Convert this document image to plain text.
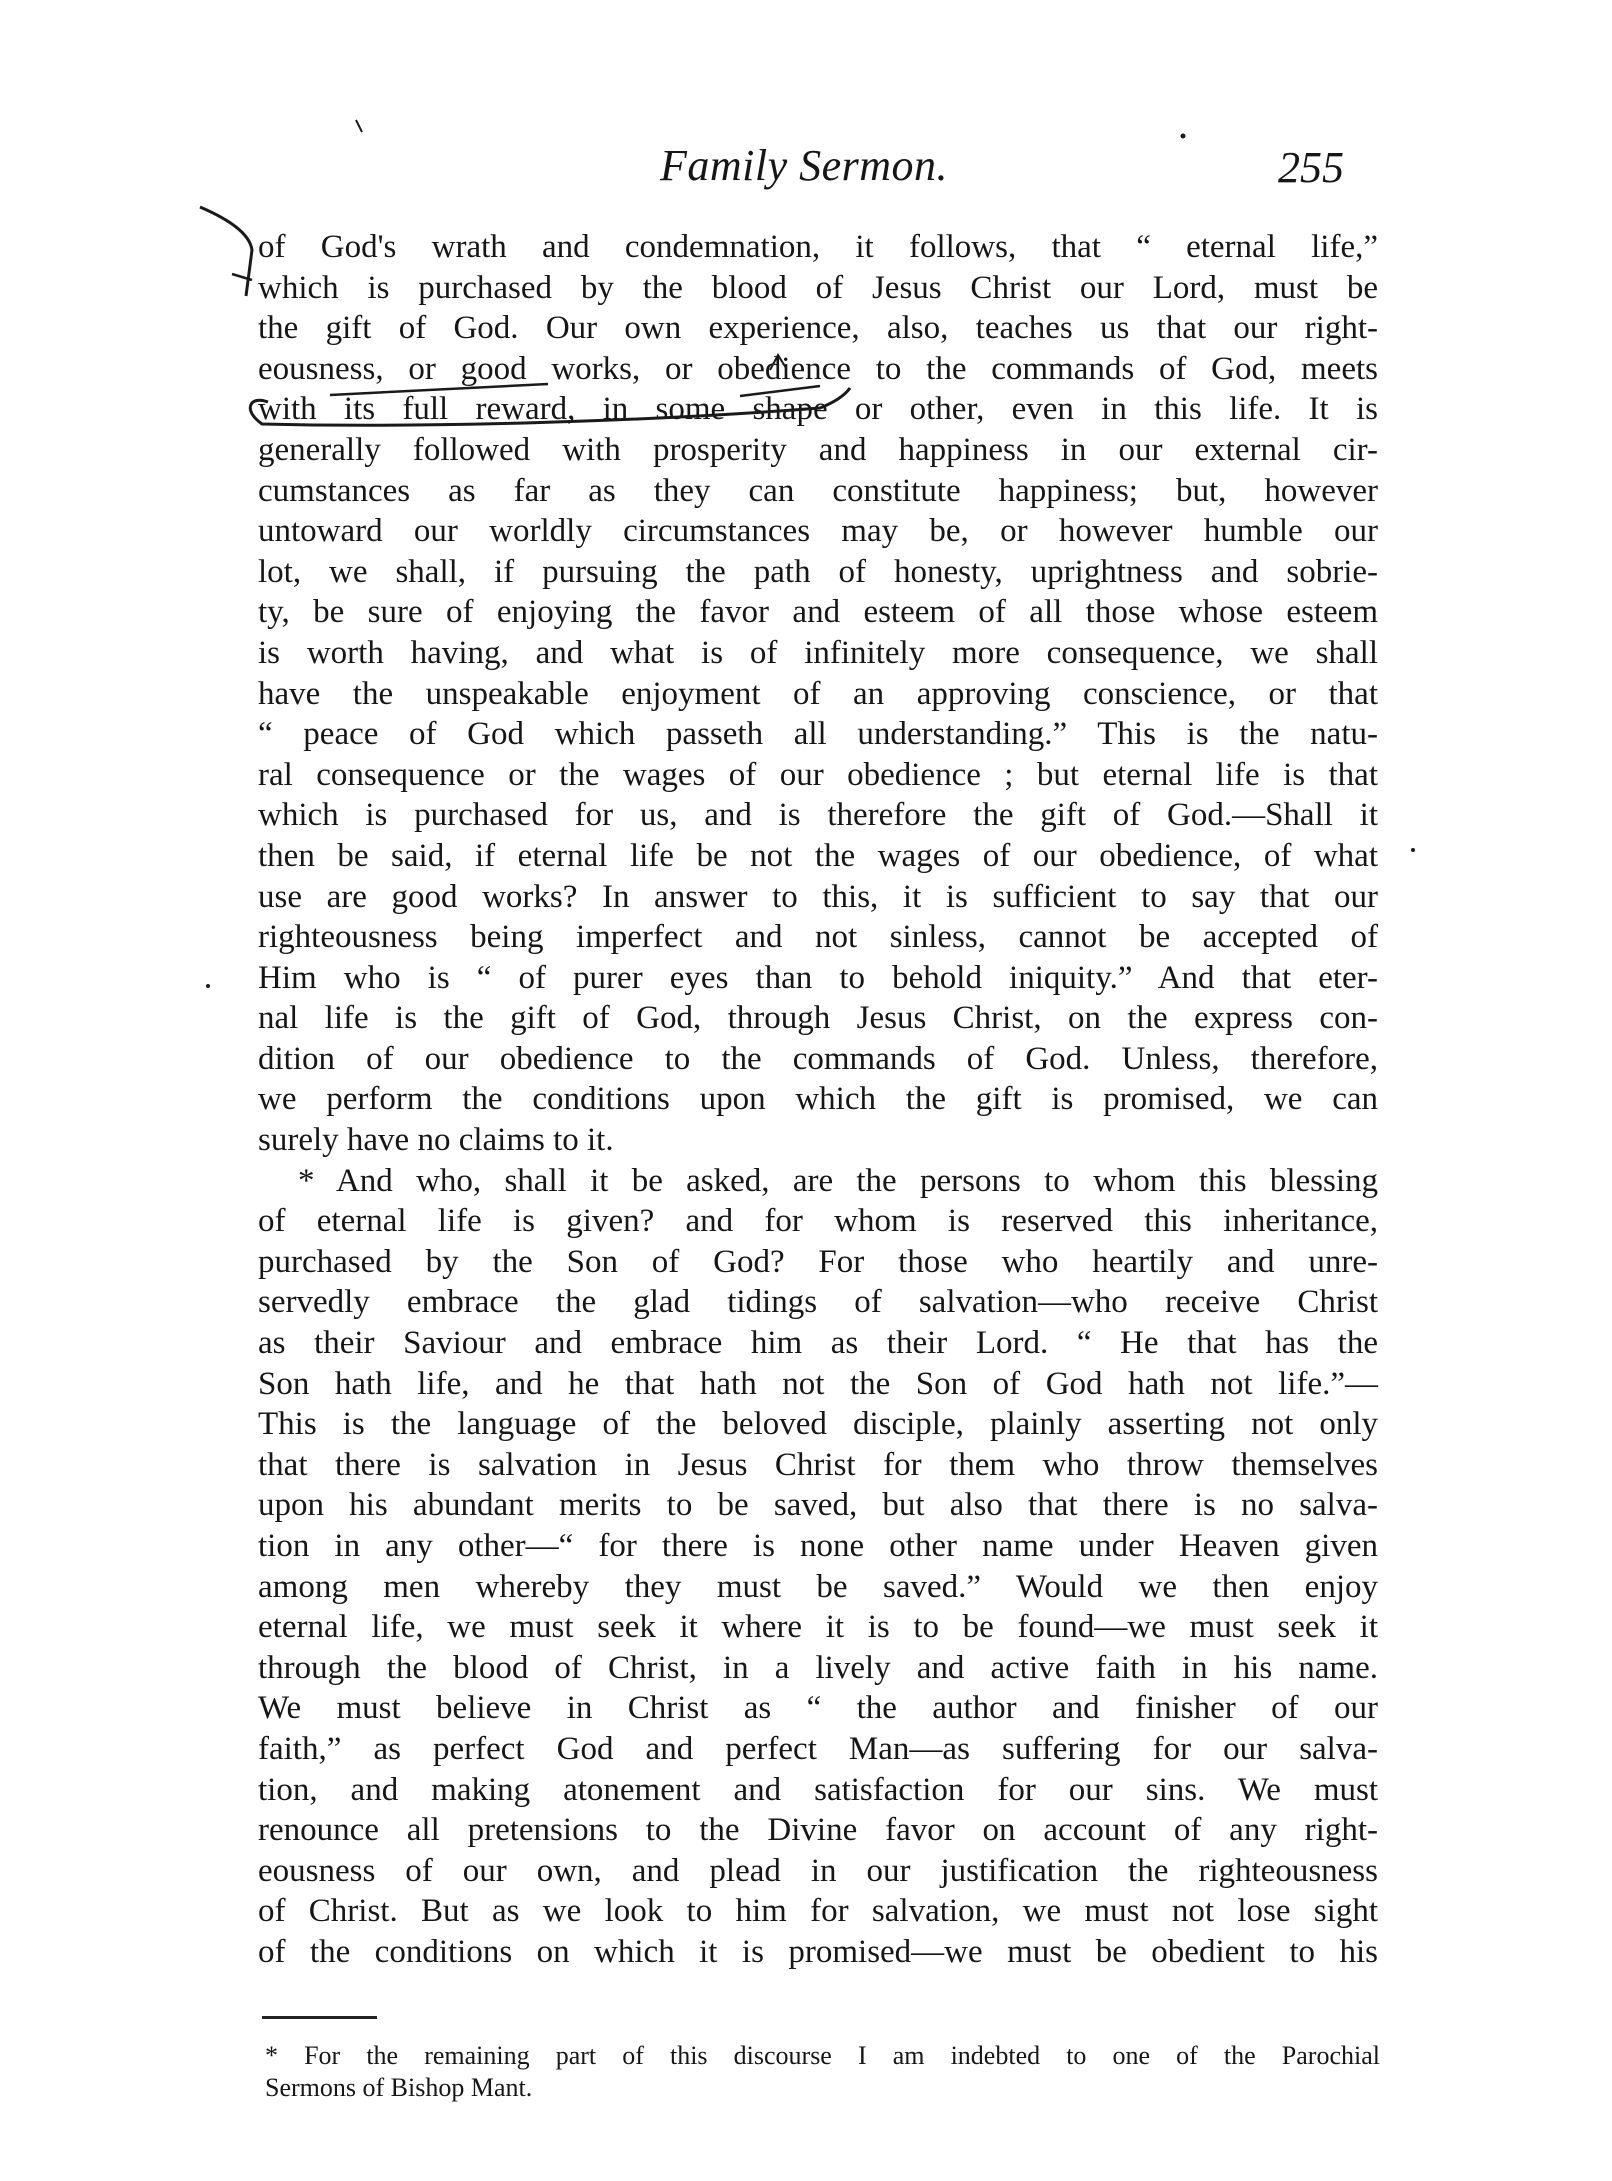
Family Sermon.	255
of God's wrath and condemnation, it follows, that “ eternal life,”
which is purchased by the blood of Jesus Christ our Lord, must be
the gift of God. Our own experience, also, teaches us that our right-
eousness, or good works, or obedience to the commands of God, meets
with its full reward, in some shape or other, even in this life. It is
generally followed with prosperity and happiness in our external cir-
cumstances as far as they can constitute happiness; but, however
untoward our worldly circumstances may be, or however humble our
lot, we shall, if pursuing the path of honesty, uprightness and sobrie-
ty, be sure of enjoying the favor and esteem of all those whose esteem
is worth having, and what is of infinitely more consequence, we shall
have the unspeakable enjoyment of an approving conscience, or that
“ peace of God which passeth all understanding.” This is the natu-
ral consequence or the wages of our obedience ; but eternal life is that
which is purchased for us, and is therefore the gift of God.—Shall it
then be said, if eternal life be not the wages of our obedience, of what
use are good works? In answer to this, it is sufficient to say that our
righteousness being imperfect and not sinless, cannot be accepted of
Him who is “ of purer eyes than to behold iniquity.” And that eter-
nal life is the gift of God, through Jesus Christ, on the express con-
dition of our obedience to the commands of God. Unless, therefore,
we perform the conditions upon which the gift is promised, we can
surely have no claims to it.
* And who, shall it be asked, are the persons to whom this blessing
of eternal life is given? and for whom is reserved this inheritance,
purchased by the Son of God? For those who heartily and unre-
servedly embrace the glad tidings of salvation—who receive Christ
as their Saviour and embrace him as their Lord. “ He that has the
Son hath life, and he that hath not the Son of God hath not life.”—
This is the language of the beloved disciple, plainly asserting not only
that there is salvation in Jesus Christ for them who throw themselves
upon his abundant merits to be saved, but also that there is no salva-
tion in any other—“ for there is none other name under Heaven given
among men whereby they must be saved.” Would we then enjoy
eternal life, we must seek it where it is to be found—we must seek it
through the blood of Christ, in a lively and active faith in his name.
We must believe in Christ as “ the author and finisher of our
faith,” as perfect God and perfect Man—as suffering for our salva-
tion, and making atonement and satisfaction for our sins. We must
renounce all pretensions to the Divine favor on account of any right-
eousness of our own, and plead in our justification the righteousness
of Christ. But as we look to him for salvation, we must not lose sight
of the conditions on which it is promised—we must be obedient to his
* For the remaining part of this discourse I am indebted to one of the Parochial
Sermons of Bishop Mant.
